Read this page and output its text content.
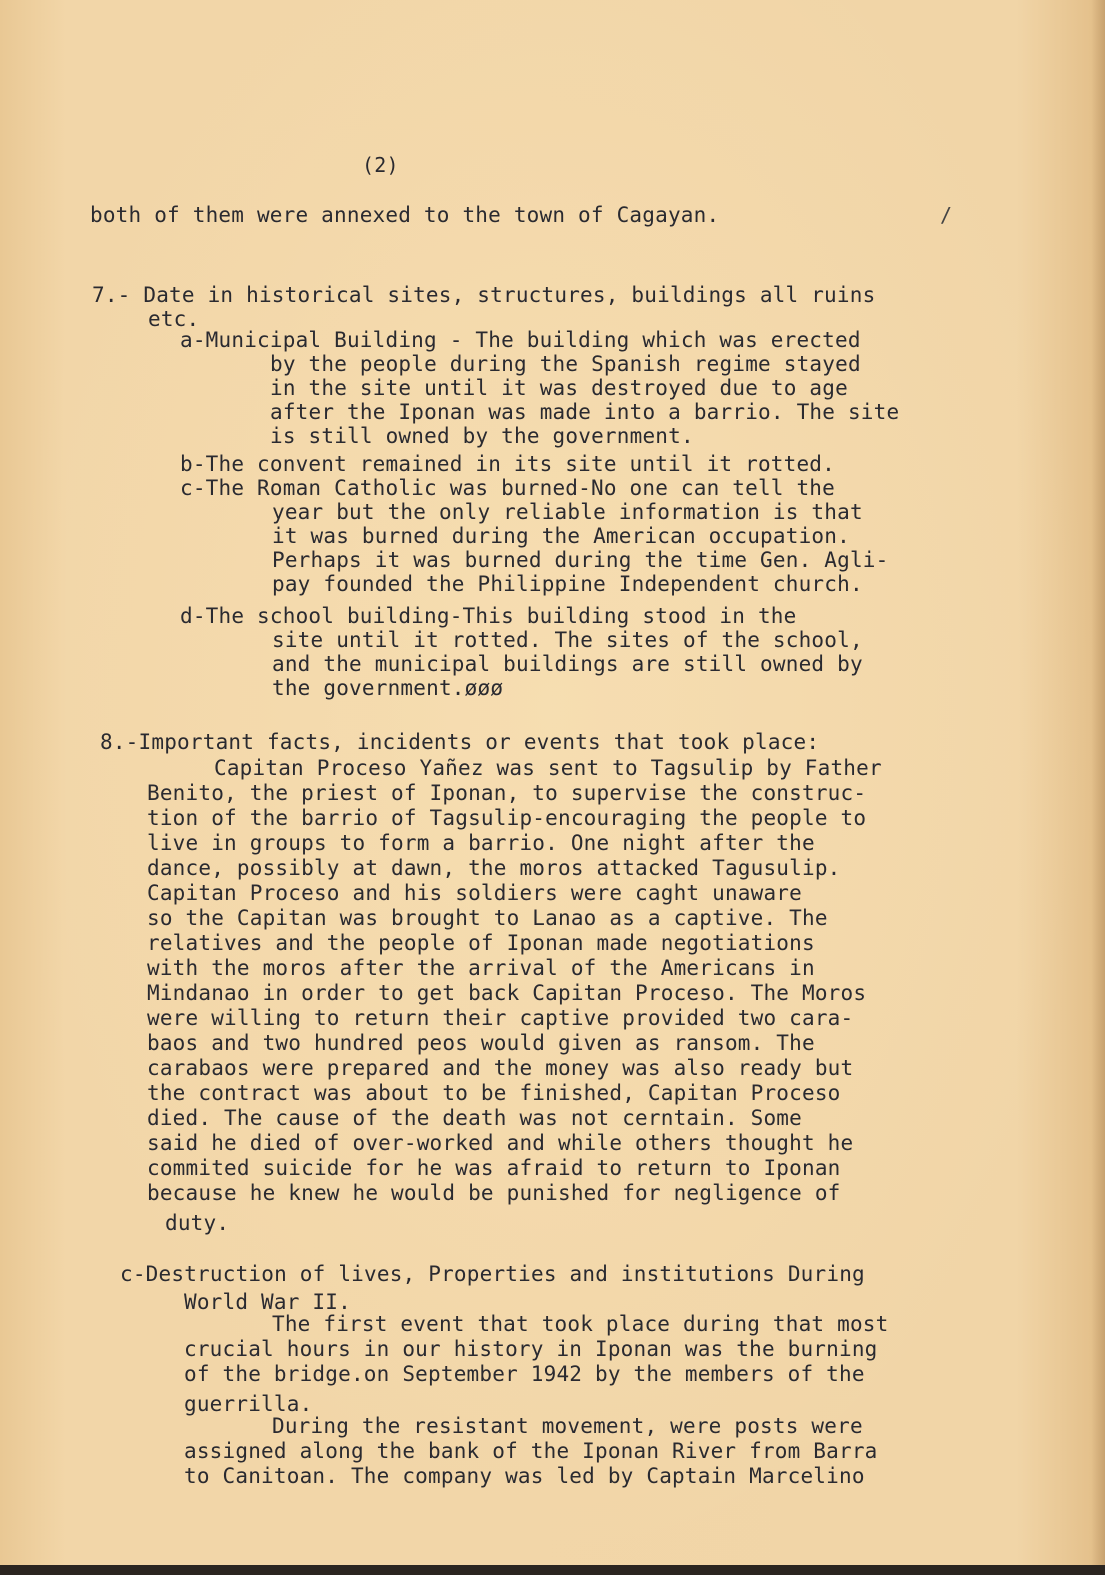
(2)
both of them were annexed to the town of Cagayan.	/
7.- Date in historical sites, structures, buildings all ruins
etc.
a-Municipal Building - The building which was erected
by the people during the Spanish regime stayed
in the site until it was destroyed due to age
after the Iponan was made into a barrio. The site
is still owned by the government.
b-The convent remained in its site until it rotted.
c-The Roman Catholic was burned-No one can tell the
year but the only reliable information is that
it was burned during the American occupation.
Perhaps it was burned during the time Gen. Agli-
pay founded the Philippine Independent church.
d-The school building-This building stood in the
site until it rotted. The sites of the school,
and the municipal buildings are still owned by
the government.øøø
8.-Important facts, incidents or events that took place:
Capitan Proceso Yañez was sent to Tagsulip by Father
Benito, the priest of Iponan, to supervise the construc-
tion of the barrio of Tagsulip-encouraging the people to
live in groups to form a barrio. One night after the
dance, possibly at dawn, the moros attacked Tagusulip.
Capitan Proceso and his soldiers were caght unaware
so the Capitan was brought to Lanao as a captive. The
relatives and the people of Iponan made negotiations
with the moros after the arrival of the Americans in
Mindanao in order to get back Capitan Proceso. The Moros
were willing to return their captive provided two cara-
baos and two hundred peos would given as ransom. The
carabaos were prepared and the money was also ready but
the contract was about to be finished, Capitan Proceso
died. The cause of the death was not cerntain. Some
said he died of over-worked and while others thought he
commited suicide for he was afraid to return to Iponan
because he knew he would be punished for negligence of
duty.
c-Destruction of lives, Properties and institutions During
World War II.
The first event that took place during that most
crucial hours in our history in Iponan was the burning
of the bridge.on September 1942 by the members of the
guerrilla.
During the resistant movement, were posts were
assigned along the bank of the Iponan River from Barra
to Canitoan. The company was led by Captain Marcelino
